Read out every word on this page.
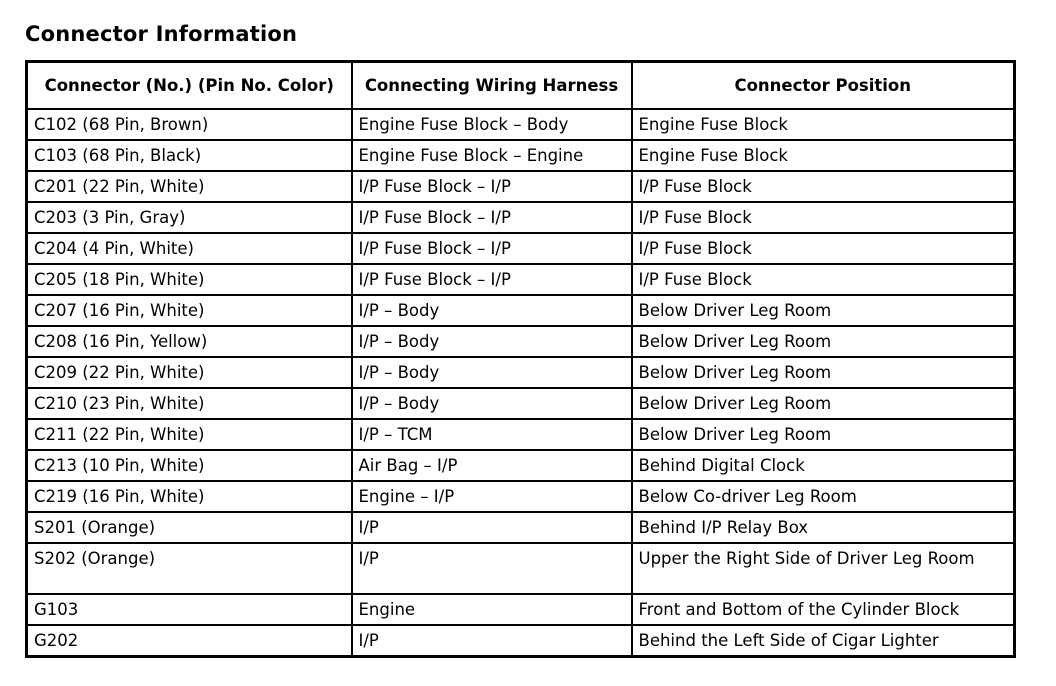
Connector Information
Connector (No.) (Pin No. Color)	Connecting Wiring Harness	Connector Position
C102 (68 Pin, Brown)	Engine Fuse Block – Body	Engine Fuse Block
C103 (68 Pin, Black)	Engine Fuse Block – Engine	Engine Fuse Block
C201 (22 Pin, White)	I/P Fuse Block – I/P	I/P Fuse Block
C203 (3 Pin, Gray)	I/P Fuse Block – I/P	I/P Fuse Block
C204 (4 Pin, White)	I/P Fuse Block – I/P	I/P Fuse Block
C205 (18 Pin, White)	I/P Fuse Block – I/P	I/P Fuse Block
C207 (16 Pin, White)	I/P – Body	Below Driver Leg Room
C208 (16 Pin, Yellow)	I/P – Body	Below Driver Leg Room
C209 (22 Pin, White)	I/P – Body	Below Driver Leg Room
C210 (23 Pin, White)	I/P – Body	Below Driver Leg Room
C211 (22 Pin, White)	I/P – TCM	Below Driver Leg Room
C213 (10 Pin, White)	Air Bag – I/P	Behind Digital Clock
C219 (16 Pin, White)	Engine – I/P	Below Co-driver Leg Room
S201 (Orange)	I/P	Behind I/P Relay Box
S202 (Orange)	I/P	Upper the Right Side of Driver Leg Room
G103	Engine	Front and Bottom of the Cylinder Block
G202	I/P	Behind the Left Side of Cigar Lighter
